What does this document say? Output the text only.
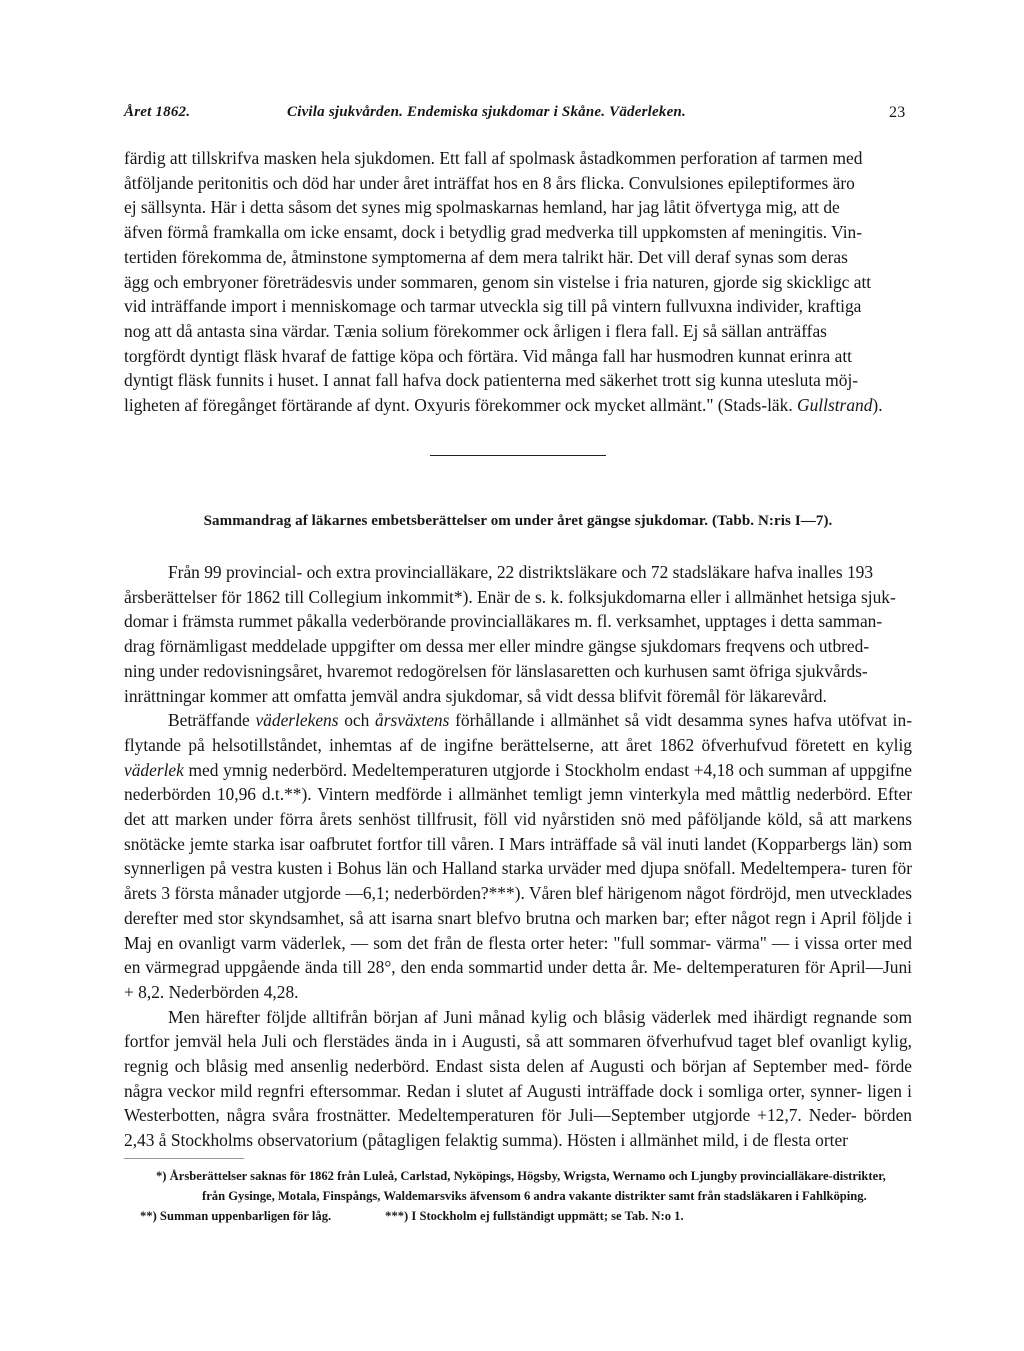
Året 1862.	Civila sjukvården. Endemiska sjukdomar i Skåne. Väderleken.	23

färdig att tillskrifva masken hela sjukdomen. Ett fall af spolmask åstadkommen perforation af tarmen med

åtföljande peritonitis och död har under året inträffat hos en 8 års flicka. Convulsiones epileptiformes äro

ej sällsynta. Här i detta såsom det synes mig spolmaskarnas hemland, har jag låtit öfvertyga mig, att de

äfven förmå framkalla om icke ensamt, dock i betydlig grad medverka till uppkomsten af meningitis. Vin-

tertiden förekomma de, åtminstone symptomerna af dem mera talrikt här. Det vill deraf synas som deras

ägg och embryoner företrädesvis under sommaren, genom sin vistelse i fria naturen, gjorde sig skickligc att

vid inträffande import i menniskomage och tarmar utveckla sig till på vintern fullvuxna individer, kraftiga

nog att då antasta sina värdar. Tænia solium förekommer ock årligen i flera fall. Ej så sällan anträffas

torgfördt dyntigt fläsk hvaraf de fattige köpa och förtära. Vid många fall har husmodren kunnat erinra att

dyntigt fläsk funnits i huset. I annat fall hafva dock patienterna med säkerhet trott sig kunna utesluta möj-

ligheten af föregånget förtärande af dynt. Oxyuris förekommer ock mycket allmänt." (Stads-läk. Gullstrand).

Sammandrag af läkarnes embetsberättelser om under året gängse sjukdomar. (Tabb. N:ris I—7).

Från 99 provincial- och extra provincialläkare, 22 distriktsläkare och 72 stadsläkare hafva inalles 193

årsberättelser för 1862 till Collegium inkommit*). Enär de s. k. folksjukdomarna eller i allmänhet hetsiga sjuk-

domar i främsta rummet påkalla vederbörande provincialläkares m. fl. verksamhet, upptages i detta samman-

drag förnämligast meddelade uppgifter om dessa mer eller mindre gängse sjukdomars freqvens och utbred-

ning under redovisningsåret, hvaremot redogörelsen för länslasaretten och kurhusen samt öfriga sjukvårds-

inrättningar kommer att omfatta jemväl andra sjukdomar, så vidt dessa blifvit föremål för läkarevård.

Beträffande väderlekens och årsväxtens förhållande i allmänhet så vidt desamma synes hafva utöfvat in- flytande på helsotillståndet, inhemtas af de ingifne berättelserne, att året 1862 öfverhufvud företett en kylig väderlek med ymnig nederbörd. Medeltemperaturen utgjorde i Stockholm endast +4,18 och summan af uppgifne nederbörden 10,96 d.t.**). Vintern medförde i allmänhet temligt jemn vinterkyla med måttlig nederbörd. Efter det att marken under förra årets senhöst tillfrusit, föll vid nyårstiden snö med påföljande köld, så att markens snötäcke jemte starka isar oafbrutet fortfor till våren. I Mars inträffade så väl inuti landet (Kopparbergs län) som synnerligen på vestra kusten i Bohus län och Halland starka urväder med djupa snöfall. Medeltempera- turen för årets 3 första månader utgjorde —6,1; nederbörden?***). Våren blef härigenom något fördröjd, men utvecklades derefter med stor skyndsamhet, så att isarna snart blefvo brutna och marken bar; efter något regn i April följde i Maj en ovanligt varm väderlek, — som det från de flesta orter heter: "full sommar- värma" — i vissa orter med en värmegrad uppgående ända till 28°, den enda sommartid under detta år. Me- deltemperaturen för April—Juni + 8,2. Nederbörden 4,28.

Men härefter följde alltifrån början af Juni månad kylig och blåsig väderlek med ihärdigt regnande som fortfor jemväl hela Juli och flerstädes ända in i Augusti, så att sommaren öfverhufvud taget blef ovanligt kylig, regnig och blåsig med ansenlig nederbörd. Endast sista delen af Augusti och början af September med- förde några veckor mild regnfri eftersommar. Redan i slutet af Augusti inträffade dock i somliga orter, synner- ligen i Westerbotten, några svåra frostnätter. Medeltemperaturen för Juli—September utgjorde +12,7. Neder- börden 2,43 å Stockholms observatorium (påtagligen felaktig summa). Hösten i allmänhet mild, i de flesta orter

*) Årsberättelser saknas för 1862 från Luleå, Carlstad, Nyköpings, Högsby, Wrigsta, Wernamo och Ljungby provincialläkare-distrikter,
från Gysinge, Motala, Finspångs, Waldemarsviks äfvensom 6 andra vakante distrikter samt från stadsläkaren i Fahlköping.
**) Summan uppenbarligen för låg.	***) I Stockholm ej fullständigt uppmätt; se Tab. N:o 1.
